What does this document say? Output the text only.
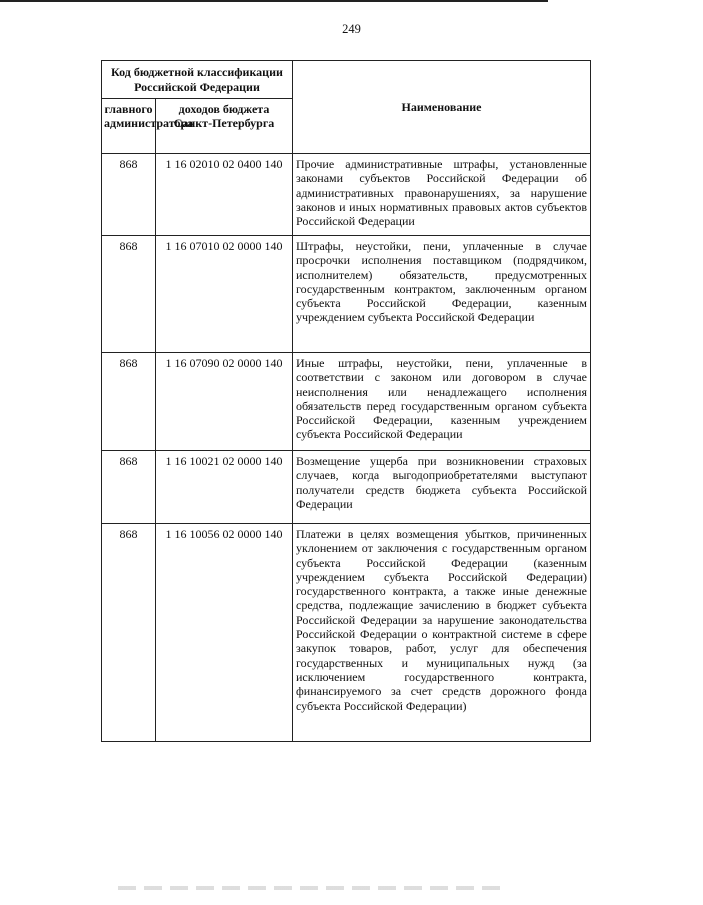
249
Код бюджетной классификации Российской Федерации		Наименование
главного администратора	доходов бюджета Санкт-Петербурга	
868	1 16 02010 02 0400 140	Прочие административные штрафы, установленные законами субъектов Российской Федерации об административных правонарушениях, за нарушение законов и иных нормативных правовых актов субъектов Российской Федерации
868	1 16 07010 02 0000 140	Штрафы, неустойки, пени, уплаченные в случае просрочки исполнения поставщиком (подрядчиком, исполнителем) обязательств, предусмотренных государственным контрактом, заключенным органом субъекта Российской Федерации, казенным учреждением субъекта Российской Федерации
868	1 16 07090 02 0000 140	Иные штрафы, неустойки, пени, уплаченные в соответствии с законом или договором в случае неисполнения или ненадлежащего исполнения обязательств перед государственным органом субъекта Российской Федерации, казенным учреждением субъекта Российской Федерации
868	1 16 10021 02 0000 140	Возмещение ущерба при возникновении страховых случаев, когда выгодоприобретателями выступают получатели средств бюджета субъекта Российской Федерации
868	1 16 10056 02 0000 140	Платежи в целях возмещения убытков, причиненных уклонением от заключения с государственным органом субъекта Российской Федерации (казенным учреждением субъекта Российской Федерации) государственного контракта, а также иные денежные средства, подлежащие зачислению в бюджет субъекта Российской Федерации за нарушение законодательства Российской Федерации о контрактной системе в сфере закупок товаров, работ, услуг для обеспечения государственных и муниципальных нужд (за исключением государственного контракта, финансируемого за счет средств дорожного фонда субъекта Российской Федерации)
